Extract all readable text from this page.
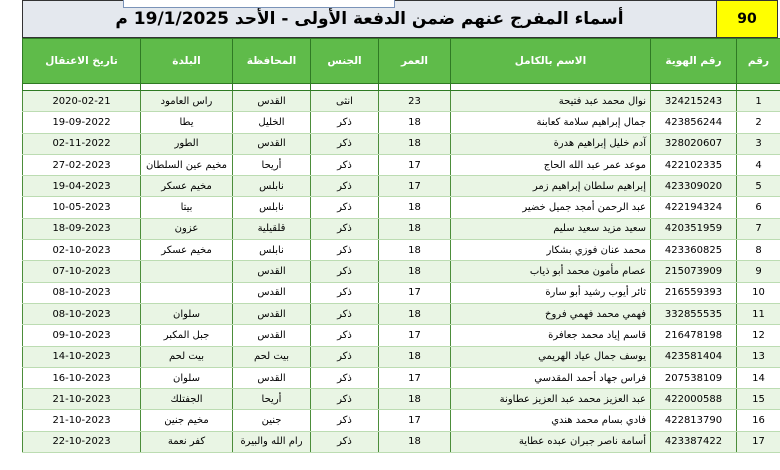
90
أسماء المفرج عنهم ضمن الدفعة الأولى - الأحد 19/1/2025 م
رقم	رقم الهوية	الاسم بالكامل	العمر	الجنس	المحافظة	البلدة	تاريخ الاعتقال

1	324215243	نوال محمد عبد فتيحة	23	انثى	القدس	راس العامود	2020-02-21
2	423856244	جمال إبراهيم سلامة كعابنة	18	ذكر	الخليل	يطا	19-09-2022
3	328020607	آدم خليل إبراهيم هدرة	18	ذكر	القدس	الطور	02-11-2022
4	422102335	موعد عمر عبد الله الحاج	17	ذكر	أريحا	مخيم عين السلطان	27-02-2023
5	423309020	إبراهيم سلطان إبراهيم زمر	17	ذكر	نابلس	مخيم عسكر	19-04-2023
6	422194324	عبد الرحمن أمجد جميل خضير	18	ذكر	نابلس	بيتا	10-05-2023
7	420351959	سعيد مزيد سعيد سليم	18	ذكر	قلقيلية	عزون	18-09-2023
8	423360825	محمد عنان فوزي بشكار	18	ذكر	نابلس	مخيم عسكر	02-10-2023
9	215073909	عصام مأمون محمد أبو ذياب	18	ذكر	القدس		07-10-2023
10	216559393	ثائر أيوب رشيد أبو سارة	17	ذكر	القدس		08-10-2023
11	332855535	فهمي محمد فهمي فروخ	18	ذكر	القدس	سلوان	08-10-2023
12	216478198	قاسم إياد محمد جعافرة	17	ذكر	القدس	جبل المكبر	09-10-2023
13	423581404	يوسف جمال عياد الهريمي	18	ذكر	بيت لحم	بيت لحم	14-10-2023
14	207538109	فراس جهاد أحمد المقدسي	17	ذكر	القدس	سلوان	16-10-2023
15	422000588	عبد العزيز محمد عبد العزيز عطاونة	18	ذكر	أريحا	الجفتلك	21-10-2023
16	422813790	فادي بسام محمد هندي	17	ذكر	جنين	مخيم جنين	21-10-2023
17	423387422	أسامة ناصر جبران عبده عطاية	18	ذكر	رام الله والبيرة	كفر نعمة	22-10-2023
